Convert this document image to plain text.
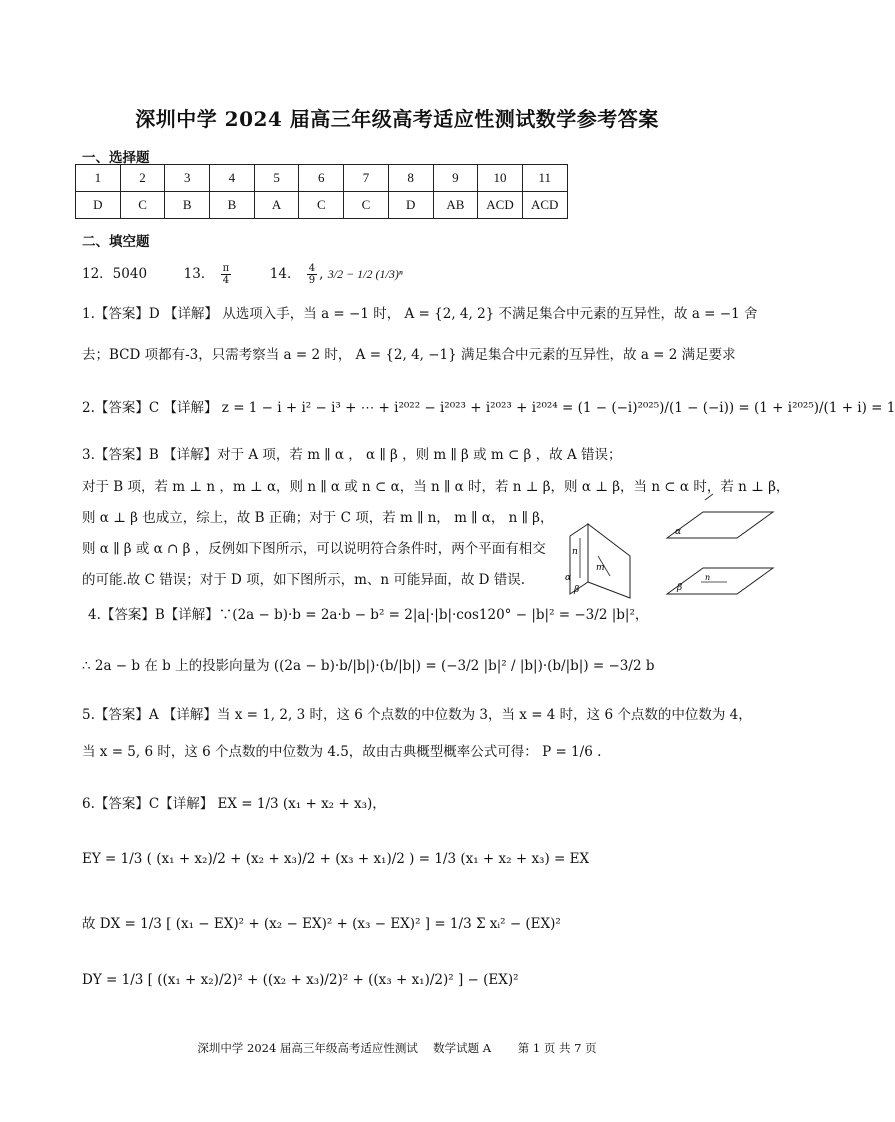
深圳中学 2024 届高三年级高考适应性测试数学参考答案
一、选择题
1	2	3	4	5	6	7	8	9	10	11
D	C	B	B	A	C	C	D	AB	ACD	ACD
二、填空题
12．5040	13． $\frac{\pi}{4}$	14． $\frac{4}{9}$ , 3/2 − 1/2 (1/3)ⁿ
1.【答案】D 【详解】 从选项入手，当 a = −1 时， A = {2, 4, 2} 不满足集合中元素的互异性，故 a = −1 舍
去；BCD 项都有-3，只需考察当 a = 2 时， A = {2, 4, −1} 满足集合中元素的互异性，故 a = 2 满足要求
2.【答案】C 【详解】 z = 1 − i + i² − i³ + ⋯ + i²⁰²² − i²⁰²³ + i²⁰²³ + i²⁰²⁴ = (1 − (−i)²⁰²⁵)/(1 − (−i)) = (1 + i²⁰²⁵)/(1 + i) = 1
3.【答案】B 【详解】对于 A 项，若 m ∥ α ， α ∥ β ，则 m ∥ β 或 m ⊂ β ，故 A 错误；
对于 B 项，若 m ⊥ n ，m ⊥ α，则 n ∥ α 或 n ⊂ α，当 n ∥ α 时，若 n ⊥ β，则 α ⊥ β，当 n ⊂ α 时，若 n ⊥ β，
则 α ⊥ β 也成立，综上，故 B 正确；对于 C 项，若 m ∥ n， m ∥ α， n ∥ β，
则 α ∥ β 或 α ∩ β ，反例如下图所示，可以说明符合条件时，两个平面有相交
的可能.故 C 错误；对于 D 项，如下图所示，m、n 可能异面，故 D 错误.
n
m
α
β
α
β
n
4.【答案】B【详解】∵(2a − b)·b = 2a·b − b² = 2|a|·|b|·cos120° − |b|² = −3/2 |b|²，
∴ 2a − b 在 b 上的投影向量为 ((2a − b)·b/|b|)·(b/|b|) = (−3/2 |b|² / |b|)·(b/|b|) = −3/2 b
5.【答案】A 【详解】当 x = 1, 2, 3 时，这 6 个点数的中位数为 3，当 x = 4 时，这 6 个点数的中位数为 4，
当 x = 5, 6 时，这 6 个点数的中位数为 4.5，故由古典概型概率公式可得： P = 1/6 .
6.【答案】C【详解】 EX = 1/3 (x₁ + x₂ + x₃)，
EY = 1/3 ( (x₁ + x₂)/2 + (x₂ + x₃)/2 + (x₃ + x₁)/2 ) = 1/3 (x₁ + x₂ + x₃) = EX
故 DX = 1/3 [ (x₁ − EX)² + (x₂ − EX)² + (x₃ − EX)² ] = 1/3 Σ xᵢ² − (EX)²
DY = 1/3 [ ((x₁ + x₂)/2)² + ((x₂ + x₃)/2)² + ((x₃ + x₁)/2)² ] − (EX)²
深圳中学 2024 届高三年级高考适应性测试　 数学试题 A　　 第 1 页 共 7 页
